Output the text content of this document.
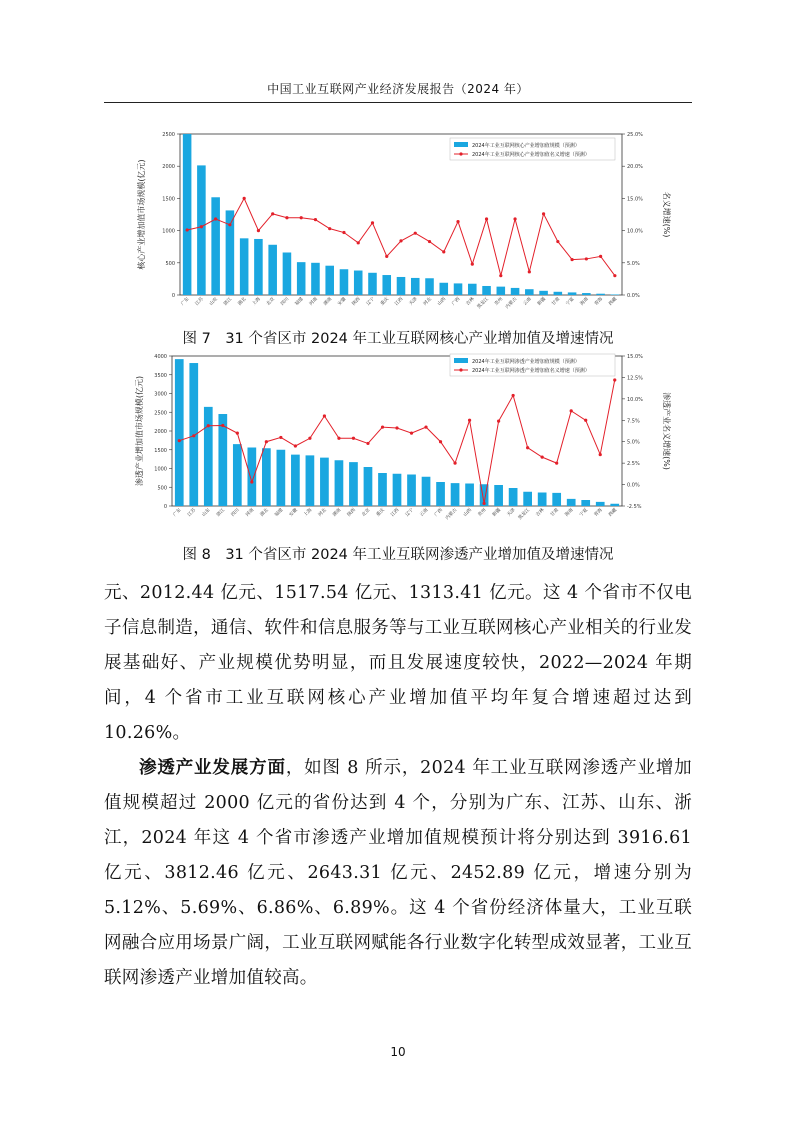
中国工业互联网产业经济发展报告（2024 年）
0
500
1000
1500
2000
2500
0.0%
5.0%
10.0%
15.0%
20.0%
25.0%
核心产业增加值市场规模(亿元)	名义增速(%)
广东 江苏 山东 浙江 湖北 上海 北京 四川 福建 河南 湖南 安徽 陕西 辽宁 重庆 江西 天津 河北 山西 广西 吉林 黑龙江 贵州 内蒙古 云南 新疆 甘肃 宁夏 海南 青海 西藏
2024年工业互联网核心产业增加值规模（预测）
2024年工业互联网核心产业增加值名义增速（预测）
图 7　31 个省区市 2024 年工业互联网核心产业增加值及增速情况
0
500
1000
1500
2000
2500
3000
3500
4000
-2.5%
0.0%
2.5%
5.0%
7.5%
10.0%
12.5%
15.0%
渗透产业增加值市场规模(亿元)	渗透产业名义增速(%)
广东 江苏 山东 浙江 四川 河南 湖北 福建 安徽 上海 河北 湖南 陕西 北京 重庆 江西 辽宁 云南 广西 内蒙古 山西 贵州 新疆 天津 黑龙江 吉林 甘肃 海南 宁夏 青海 西藏
2024年工业互联网渗透产业增加值规模（预测）
2024年工业互联网渗透产业增加值名义增速（预测）
图 8　31 个省区市 2024 年工业互联网渗透产业增加值及增速情况

元、2012.44 亿元、1517.54 亿元、1313.41 亿元。这 4 个省市不仅电子信息制造，通信、软件和信息服务等与工业互联网核心产业相关的行业发展基础好、产业规模优势明显，而且发展速度较快，2022—2024 年期间，4 个省市工业互联网核心产业增加值平均年复合增速超过达到 10.26%。

渗透产业发展方面，如图 8 所示，2024 年工业互联网渗透产业增加值规模超过 2000 亿元的省份达到 4 个，分别为广东、江苏、山东、浙江，2024 年这 4 个省市渗透产业增加值规模预计将分别达到 3916.61 亿元、3812.46 亿元、2643.31 亿元、2452.89 亿元，增速分别为 5.12%、5.69%、6.86%、6.89%。这 4 个省份经济体量大，工业互联网融合应用场景广阔，工业互联网赋能各行业数字化转型成效显著，工业互联网渗透产业增加值较高。

10
